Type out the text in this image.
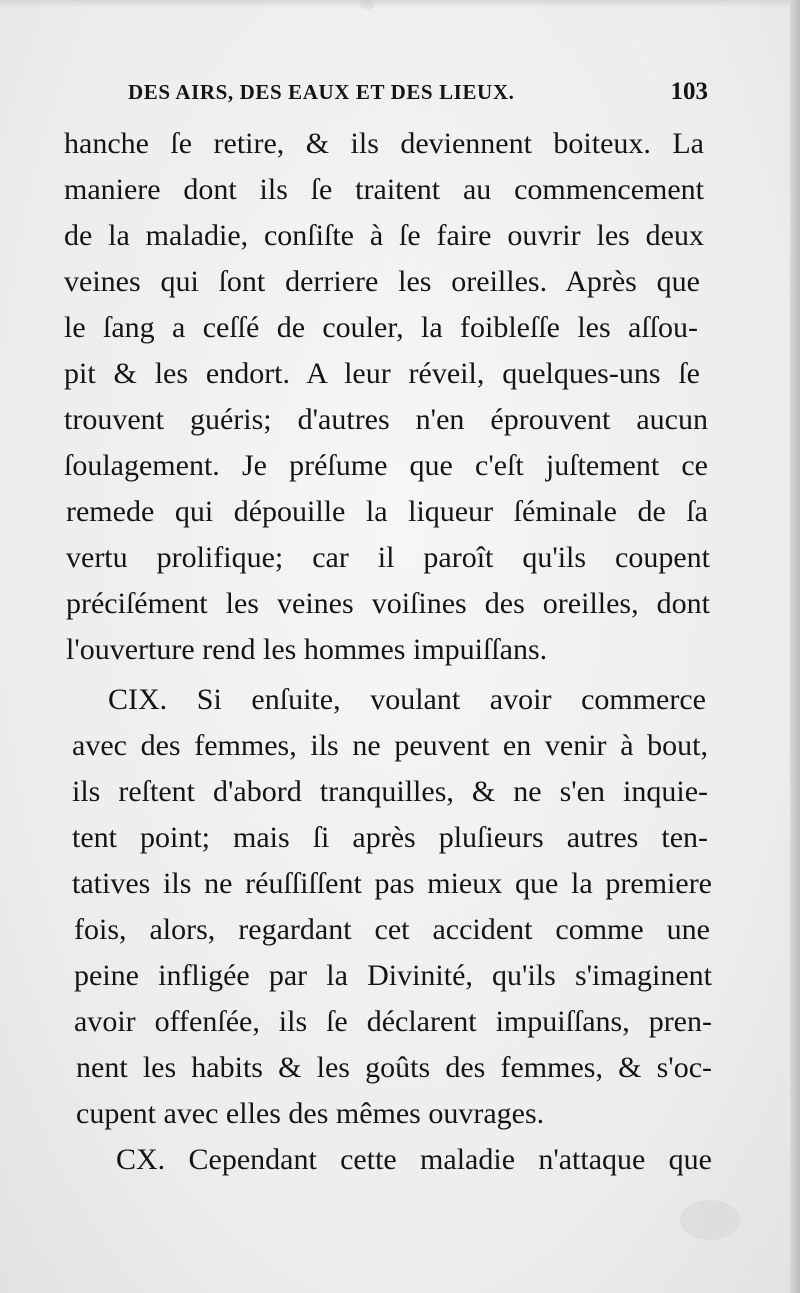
DES AIRS, DES EAUX ET DES LIEUX.	103
hanche ſe retire, & ils deviennent boiteux. La
maniere dont ils ſe traitent au commencement
de la maladie, conſiſte à ſe faire ouvrir les deux
veines qui ſont derriere les oreilles. Après que
le ſang a ceſſé de couler, la foibleſſe les aſſou-
pit & les endort. A leur réveil, quelques-uns ſe
trouvent guéris; d'autres n'en éprouvent aucun
ſoulagement. Je préſume que c'eſt juſtement ce
remede qui dépouille la liqueur ſéminale de ſa
vertu prolifique; car il paroît qu'ils coupent
préciſément les veines voiſines des oreilles, dont
l'ouverture rend les hommes impuiſſans.
CIX. Si enſuite, voulant avoir commerce
avec des femmes, ils ne peuvent en venir à bout,
ils reſtent d'abord tranquilles, & ne s'en inquie-
tent point; mais ſi après pluſieurs autres ten-
tatives ils ne réuſſiſſent pas mieux que la premiere
fois, alors, regardant cet accident comme une
peine infligée par la Divinité, qu'ils s'imaginent
avoir offenſée, ils ſe déclarent impuiſſans, pren-
nent les habits & les goûts des femmes, & s'oc-
cupent avec elles des mêmes ouvrages.
CX. Cependant cette maladie n'attaque que
